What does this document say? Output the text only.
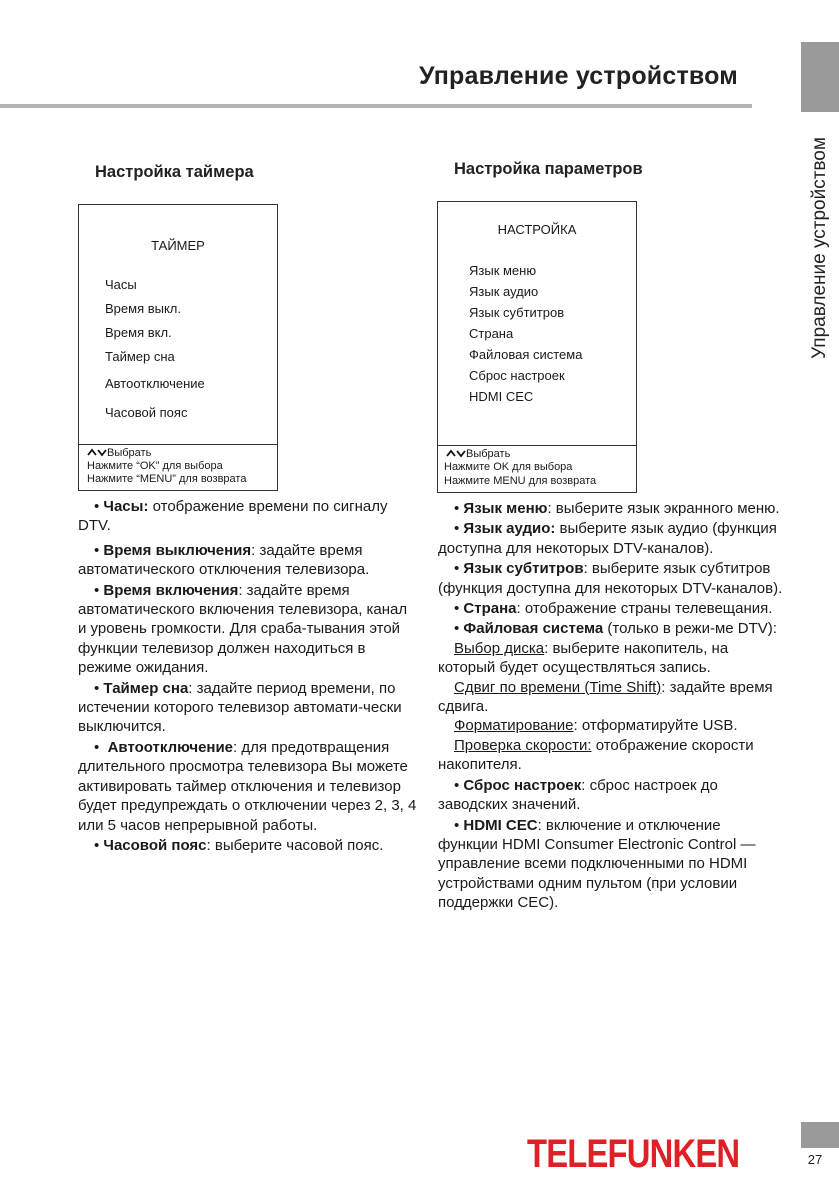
Управление устройством
Управление устройством
27
TELEFUNKEN
Настройка таймера
ТАЙМЕР
Часы
Время выкл.
Время вкл.
Таймер сна
Автоотключение
Часовой пояс
Выбрать
Нажмите “OK” для выбора
Нажмите “MENU” для возврата

• Часы: отображение времени по сигналу DTV.

• Время выключения: задайте время автоматического отключения телевизора.

• Время включения: задайте время автоматического включения телевизора, канал и уровень громкости. Для сраба-тывания этой функции телевизор должен находиться в режиме ожидания.

• Таймер сна: задайте период времени, по истечении которого телевизор автомати-чески выключится.

•  Автоотключение: для предотвращения длительного просмотра телевизора Вы можете активировать таймер отключения и телевизор будет предупреждать о отключении через 2, 3, 4 или 5 часов непрерывной работы.

• Часовой пояс: выберите часовой пояс.

Настройка параметров
НАСТРОЙКА
Язык меню
Язык аудио
Язык субтитров
Страна
Файловая система
Сброс настроек
HDMI CEC
Выбрать
Нажмите OK для выбора
Нажмите MENU для возврата

• Язык меню: выберите язык экранного меню.

• Язык аудио: выберите язык аудио (функция доступна для некоторых DTV-каналов).

• Язык субтитров: выберите язык субтитров (функция доступна для некоторых DTV-каналов).

• Страна: отображение страны телевещания.

• Файловая система (только в режи-ме DTV):

Выбор диска: выберите накопитель, на который будет осуществляться запись.

Сдвиг по времени (Time Shift): задайте время сдвига.

Форматирование: отформатируйте USB.

Проверка скорости: отображение скорости накопителя.

• Сброс настроек: сброс настроек до заводских значений.

• HDMI CEC: включение и отключение функции HDMI Consumer Electronic Control — управление всеми подключенными по HDMI устройствами одним пультом (при условии поддержки CEC).
